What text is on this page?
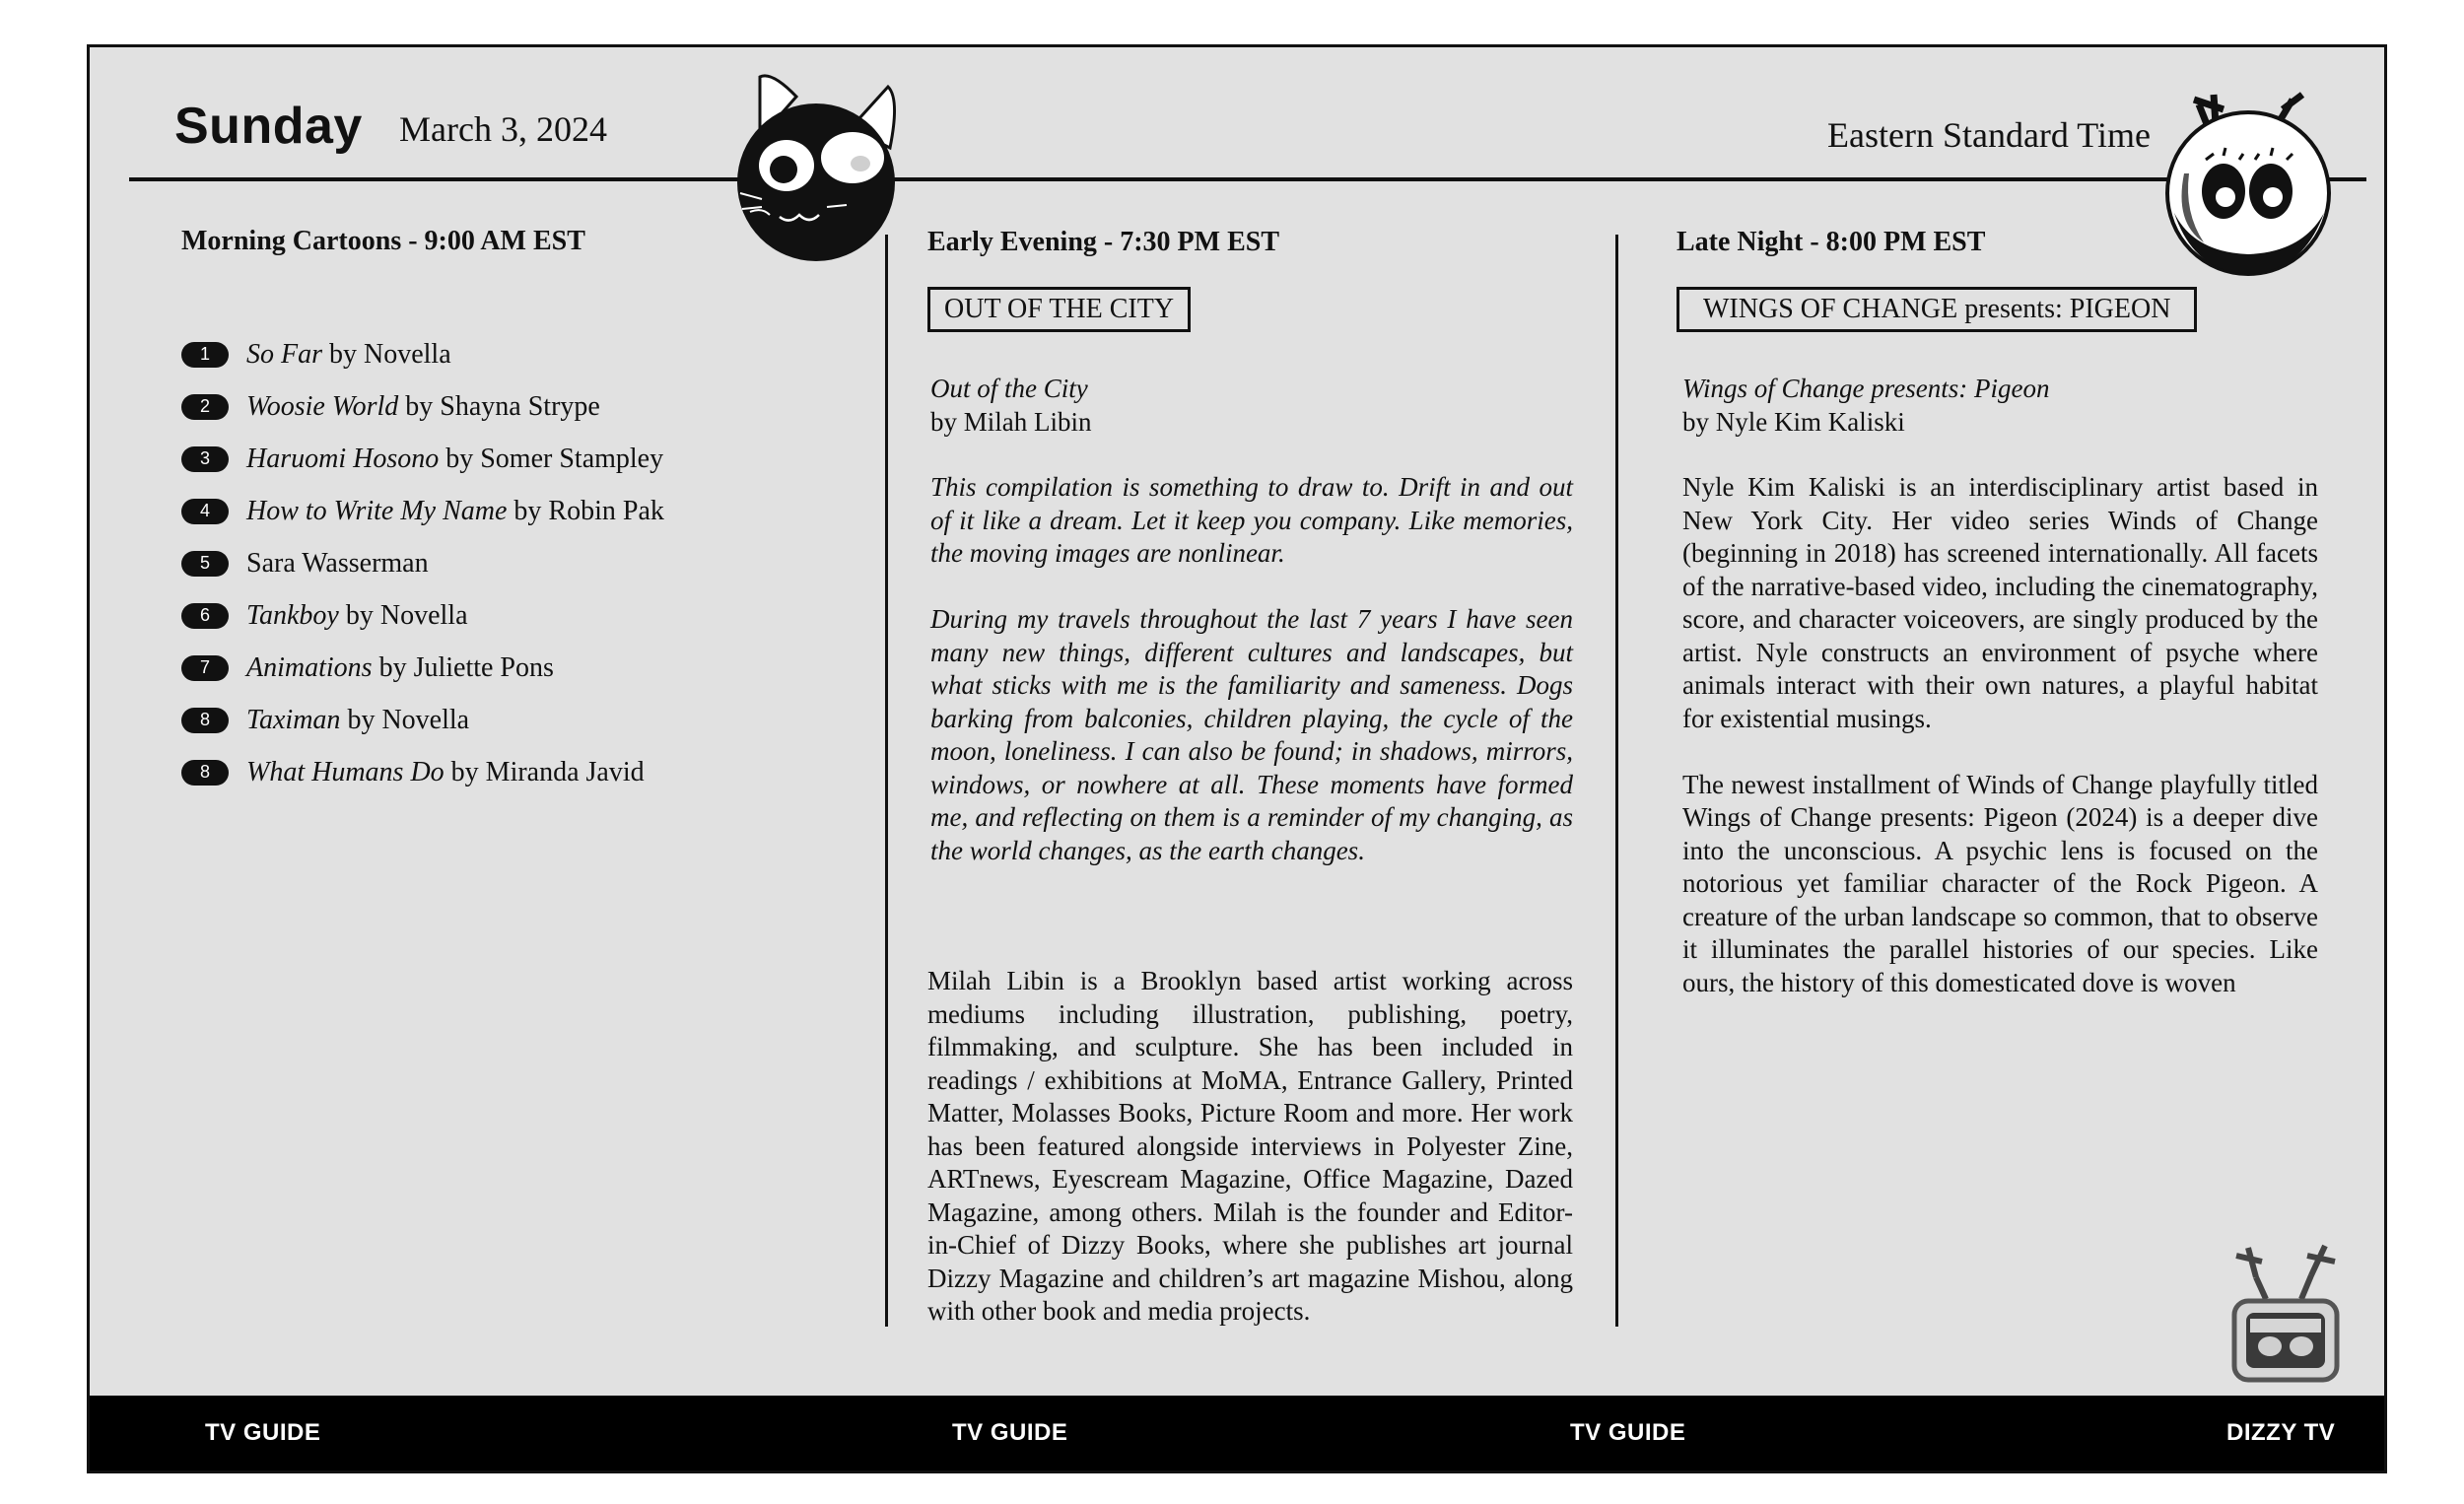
Sunday March 3, 2024	Eastern Standard Time
Morning Cartoons - 9:00 AM EST
1	So Far by Novella
2	Woosie World by Shayna Strype
3	Haruomi Hosono by Somer Stampley
4	How to Write My Name by Robin Pak
5	Sara Wasserman
6	Tankboy by Novella
7	Animations by Juliette Pons
8	Taximan by Novella
8	What Humans Do by Miranda Javid
Early Evening - 7:30 PM EST
OUT OF THE CITY
Out of the City
by Milah Libin

This compilation is something to draw to. Drift in and out of it like a dream. Let it keep you company. Like memories, the moving images are nonlinear.

During my travels throughout the last 7 years I have seen many new things, different cultures and landscapes, but what sticks with me is the familiarity and sameness. Dogs barking from balconies, children playing, the cycle of the moon, loneliness. I can also be found; in shadows, mirrors, windows, or nowhere at all. These moments have formed me, and reflecting on them is a reminder of my changing, as the world changes, as the earth changes.

Milah Libin is a Brooklyn based artist working across mediums including illustration, publishing, poetry, filmmaking, and sculpture. She has been included in readings / exhibitions at MoMA, Entrance Gallery, Printed Matter, Molasses Books, Picture Room and more. Her work has been featured alongside interviews in Polyester Zine, ARTnews, Eyescream Magazine, Office Magazine, Dazed Magazine, among others. Milah is the founder and Editor-in-Chief of Dizzy Books, where she publishes art journal Dizzy Magazine and children’s art magazine Mishou, along with other book and media projects.

Late Night - 8:00 PM EST
WINGS OF CHANGE presents: PIGEON
Wings of Change presents: Pigeon
by Nyle Kim Kaliski

Nyle Kim Kaliski is an interdisciplinary artist based in New York City. Her video series Winds of Change (beginning in 2018) has screened internationally. All facets of the narrative-based video, including the cinematography, score, and character voiceovers, are singly produced by the artist. Nyle constructs an environment of psyche where animals interact with their own natures, a playful habitat for existential musings.

The newest installment of Winds of Change playfully titled Wings of Change presents: Pigeon (2024) is a deeper dive into the unconscious. A psychic lens is focused on the notorious yet familiar character of the Rock Pigeon. A creature of the urban landscape so common, that to observe it illuminates the parallel histories of our species. Like ours, the history of this domesticated dove is woven

TV GUIDE	TV GUIDE	TV GUIDE	DIZZY TV
